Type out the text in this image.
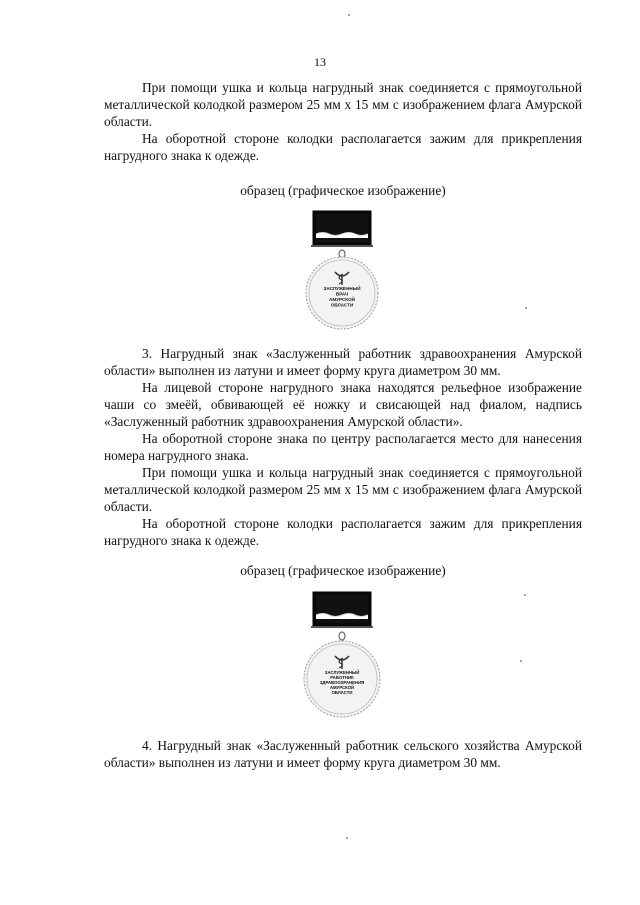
13

При помощи ушка и кольца нагрудный знак соединяется с прямоугольной металлической колодкой размером 25 мм x 15 мм с изображением флага Амурской области.

На оборотной стороне колодки располагается зажим для прикрепления нагрудного знака к одежде.

образец (графическое изображение)
ЗАСЛУЖЕННЫЙ
ВРАЧ
АМУРСКОЙ
ОБЛАСТИ

3. Нагрудный знак «Заслуженный работник здравоохранения Амурской области» выполнен из латуни и имеет форму круга диаметром 30 мм.

На лицевой стороне нагрудного знака находятся рельефное изображение чаши со змеёй, обвивающей её ножку и свисающей над фиалом, надпись «Заслуженный работник здравоохранения Амурской области».

На оборотной стороне знака по центру располагается место для нанесения номера нагрудного знака.

При помощи ушка и кольца нагрудный знак соединяется с прямоугольной металлической колодкой размером 25 мм x 15 мм с изображением флага Амурской области.

На оборотной стороне колодки располагается зажим для прикрепления нагрудного знака к одежде.

образец (графическое изображение)
ЗАСЛУЖЕННЫЙ
РАБОТНИК
ЗДРАВООХРАНЕНИЯ
АМУРСКОЙ
ОБЛАСТИ

4. Нагрудный знак «Заслуженный работник сельского хозяйства Амурской области» выполнен из латуни и имеет форму круга диаметром 30 мм.
